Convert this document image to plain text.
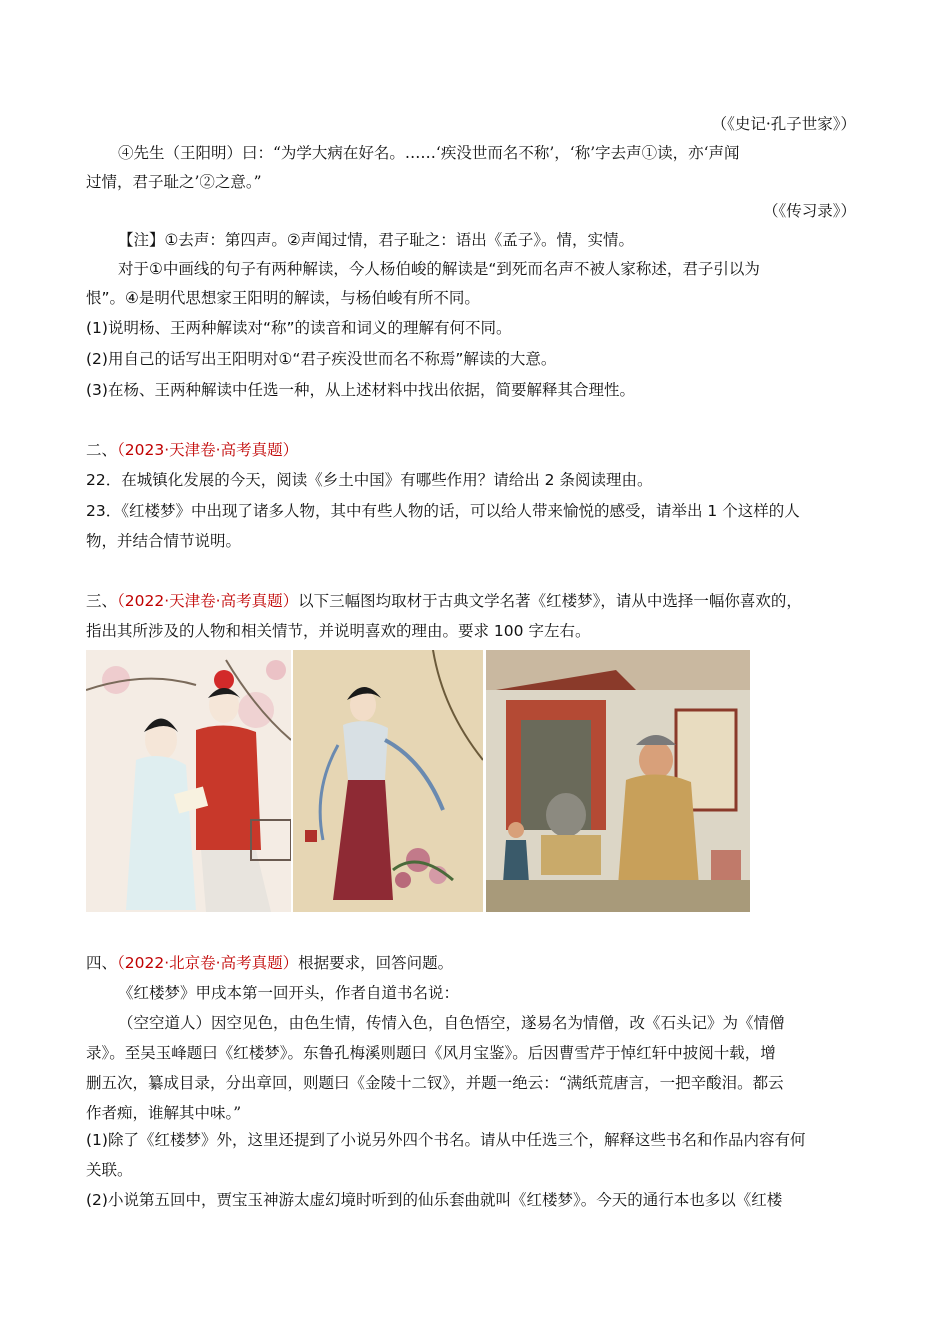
（《史记·孔子世家》）
④先生（王阳明）曰：“为学大病在好名。……‘疾没世而名不称’，‘称’字去声①读，亦‘声闻
过情，君子耻之’②之意。”
（《传习录》）
【注】①去声：第四声。②声闻过情，君子耻之：语出《孟子》。情，实情。
对于①中画线的句子有两种解读，今人杨伯峻的解读是“到死而名声不被人家称述，君子引以为
恨”。④是明代思想家王阳明的解读，与杨伯峻有所不同。
(1)说明杨、王两种解读对“称”的读音和词义的理解有何不同。
(2)用自己的话写出王阳明对①“君子疾没世而名不称焉”解读的大意。
(3)在杨、王两种解读中任选一种，从上述材料中找出依据，简要解释其合理性。
二、（2023·天津卷·高考真题）
22．在城镇化发展的今天，阅读《乡土中国》有哪些作用？请给出 2 条阅读理由。
23．《红楼梦》中出现了诸多人物，其中有些人物的话，可以给人带来愉悦的感受，请举出 1 个这样的人
物，并结合情节说明。
三、（2022·天津卷·高考真题）以下三幅图均取材于古典文学名著《红楼梦》，请从中选择一幅你喜欢的，
指出其所涉及的人物和相关情节，并说明喜欢的理由。要求 100 字左右。
四、（2022·北京卷·高考真题）根据要求，回答问题。
《红楼梦》甲戌本第一回开头，作者自道书名说：
（空空道人）因空见色，由色生情，传情入色，自色悟空，遂易名为情僧，改《石头记》为《情僧
录》。至吴玉峰题曰《红楼梦》。东鲁孔梅溪则题曰《风月宝鉴》。后因曹雪芹于悼红轩中披阅十载，增
删五次，纂成目录，分出章回，则题曰《金陵十二钗》，并题一绝云：“满纸荒唐言，一把辛酸泪。都云
作者痴，谁解其中味。”
(1)除了《红楼梦》外，这里还提到了小说另外四个书名。请从中任选三个，解释这些书名和作品内容有何
关联。
(2)小说第五回中，贾宝玉神游太虚幻境时听到的仙乐套曲就叫《红楼梦》。今天的通行本也多以《红楼
